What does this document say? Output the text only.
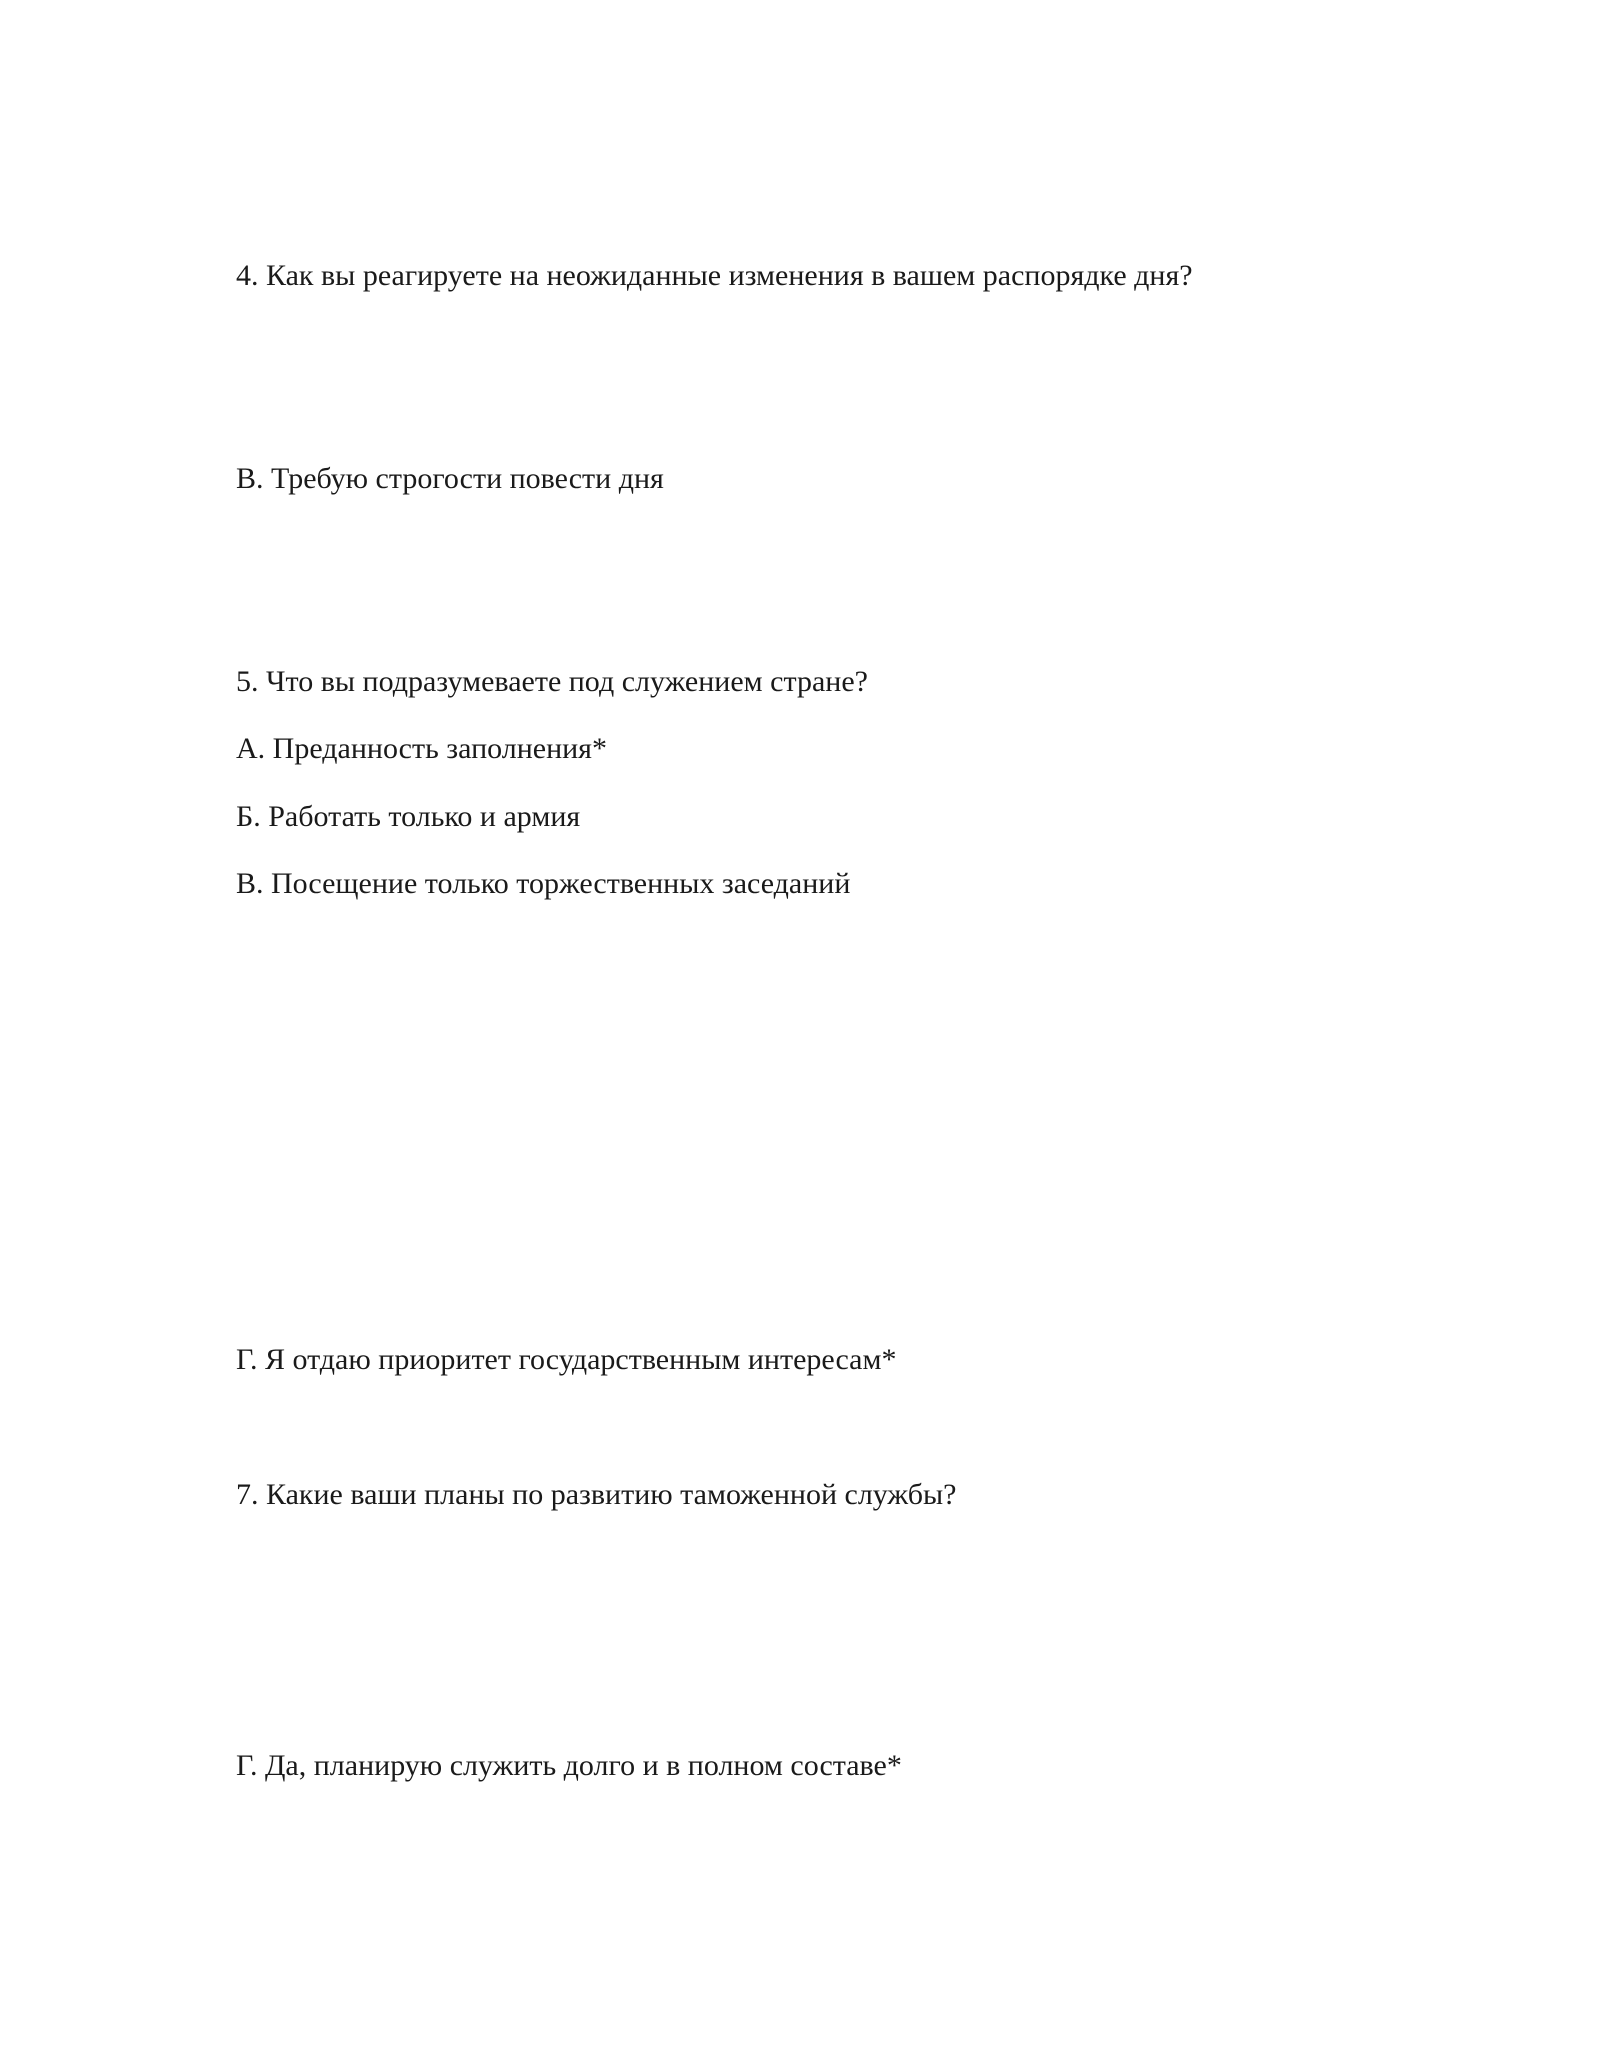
4. Как вы реагируете на неожиданные изменения в вашем распорядке дня?
В. Требую строгости повести дня
5. Что вы подразумеваете под служением стране?
А. Преданность заполнения*
Б. Работать только и армия
В. Посещение только торжественных заседаний
Г. Я отдаю приоритет государственным интересам*
7. Какие ваши планы по развитию таможенной службы?
Г. Да, планирую служить долго и в полном составе*
